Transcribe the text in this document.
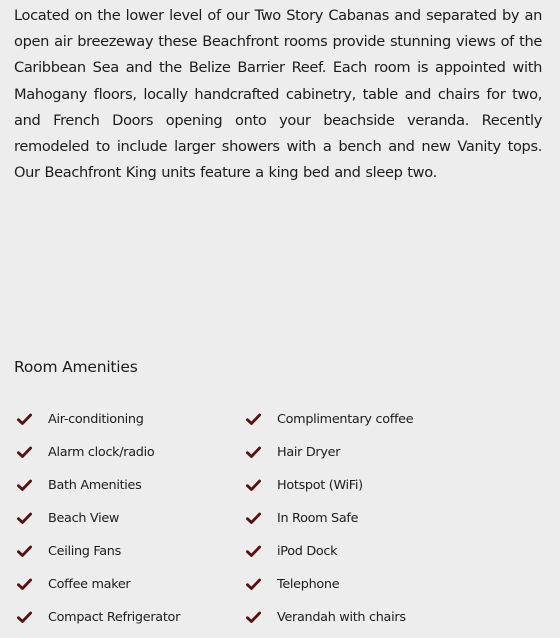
Located on the lower level of our Two Story Cabanas and separated by an open air breezeway these Beachfront rooms provide stunning views of the Caribbean Sea and the Belize Barrier Reef. Each room is appointed with Mahogany floors, locally handcrafted cabinetry, table and chairs for two, and French Doors opening onto your beachside veranda. Recently remodeled to include larger showers with a bench and new Vanity tops. Our Beachfront King units feature a king bed and sleep two.

Room Amenities
Air-conditioning
Alarm clock/radio
Bath Amenities
Beach View
Ceiling Fans
Coffee maker
Compact Refrigerator
Complimentary coffee
Hair Dryer
Hotspot (WiFi)
In Room Safe
iPod Dock
Telephone
Verandah with chairs
